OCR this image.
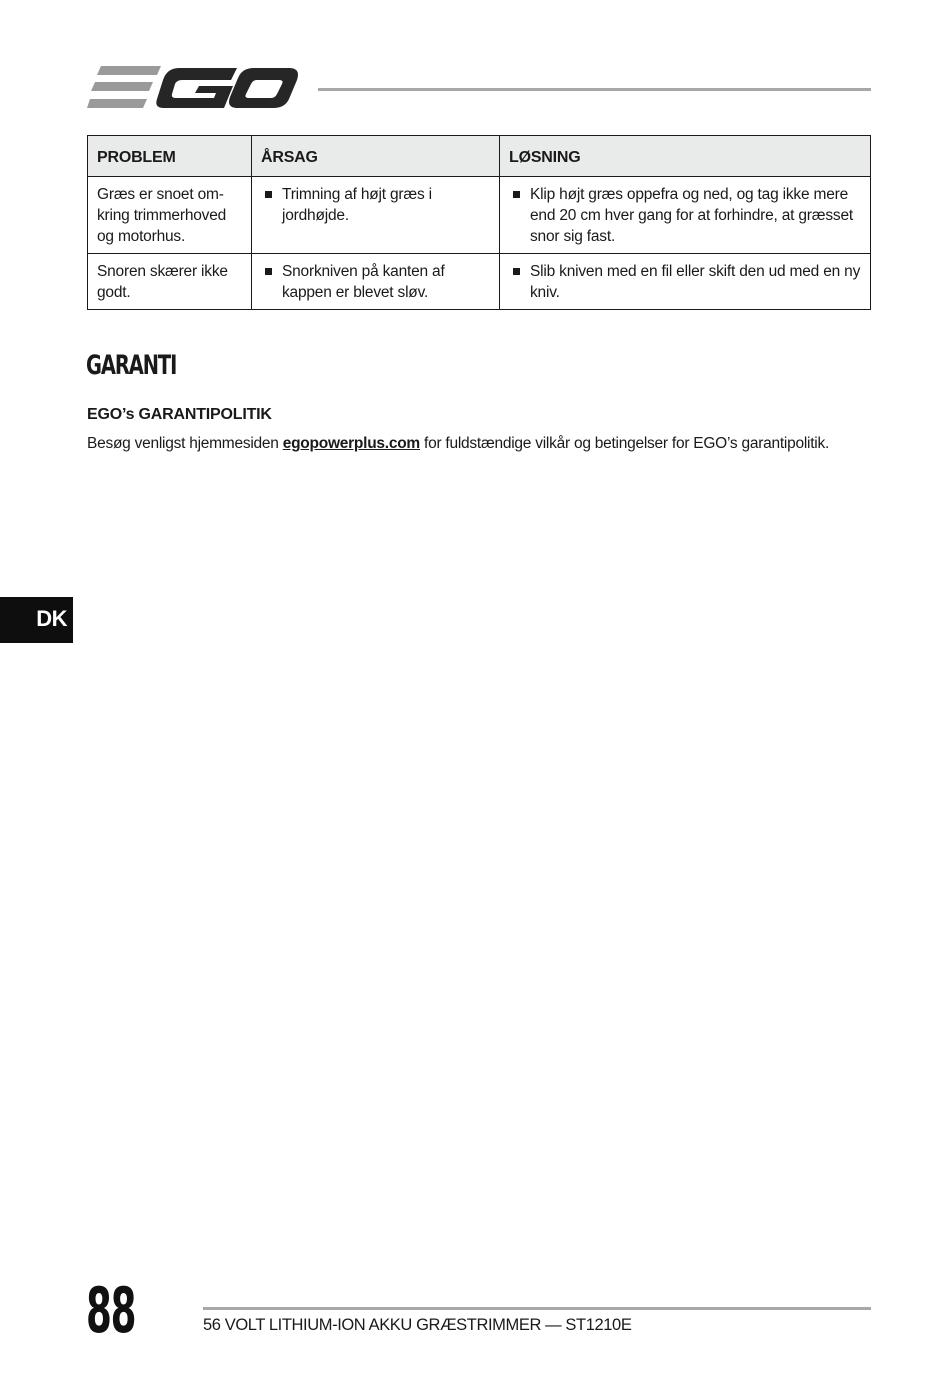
PROBLEM	ÅRSAG	LØSNING
Græs er snoet om-kring trimmerhoved og motorhus.	Trimning af højt græs i jordhøjde.	Klip højt græs oppefra og ned, og tag ikke mere end 20 cm hver gang for at forhindre, at græsset snor sig fast.

Snoren skærer ikke godt.	Snorkniven på kanten af kappen er blevet sløv.	Slib kniven med en fil eller skift den ud med en ny kniv.
GARANTI
EGO’s GARANTIPOLITIK

Besøg venligst hjemmesiden egopowerplus.com for fuldstændige vilkår og betingelser for EGO’s garantipolitik.

DK
88	56 VOLT LITHIUM-ION AKKU GRÆSTRIMMER — ST1210E
